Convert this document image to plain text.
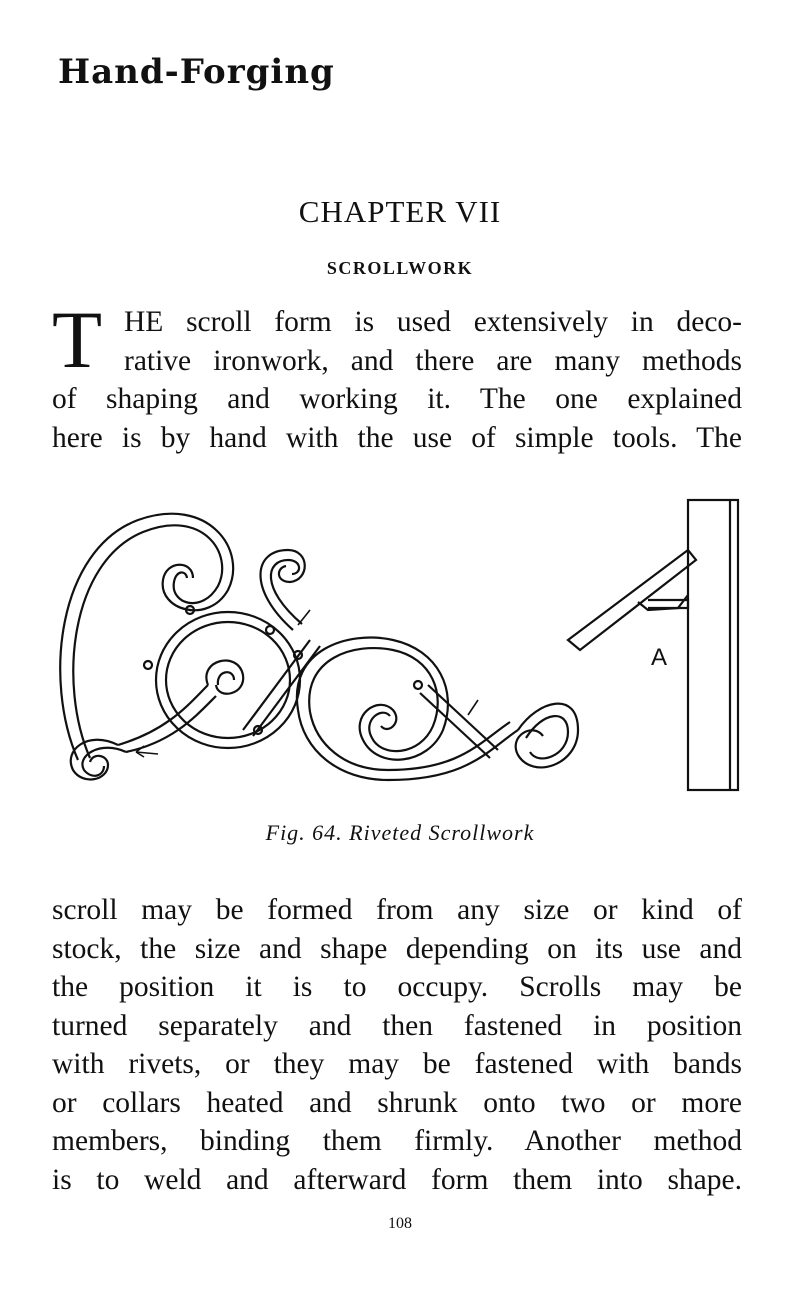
Hand-Forging
CHAPTER VII
SCROLLWORK
T HE scroll form is used extensively in deco-
rative ironwork, and there are many methods
of shaping and working it. The one explained
here is by hand with the use of simple tools. The
A
Fig. 64. Riveted Scrollwork
scroll may be formed from any size or kind of
stock, the size and shape depending on its use and
the position it is to occupy. Scrolls may be
turned separately and then fastened in position
with rivets, or they may be fastened with bands
or collars heated and shrunk onto two or more
members, binding them firmly. Another method
is to weld and afterward form them into shape.
108
